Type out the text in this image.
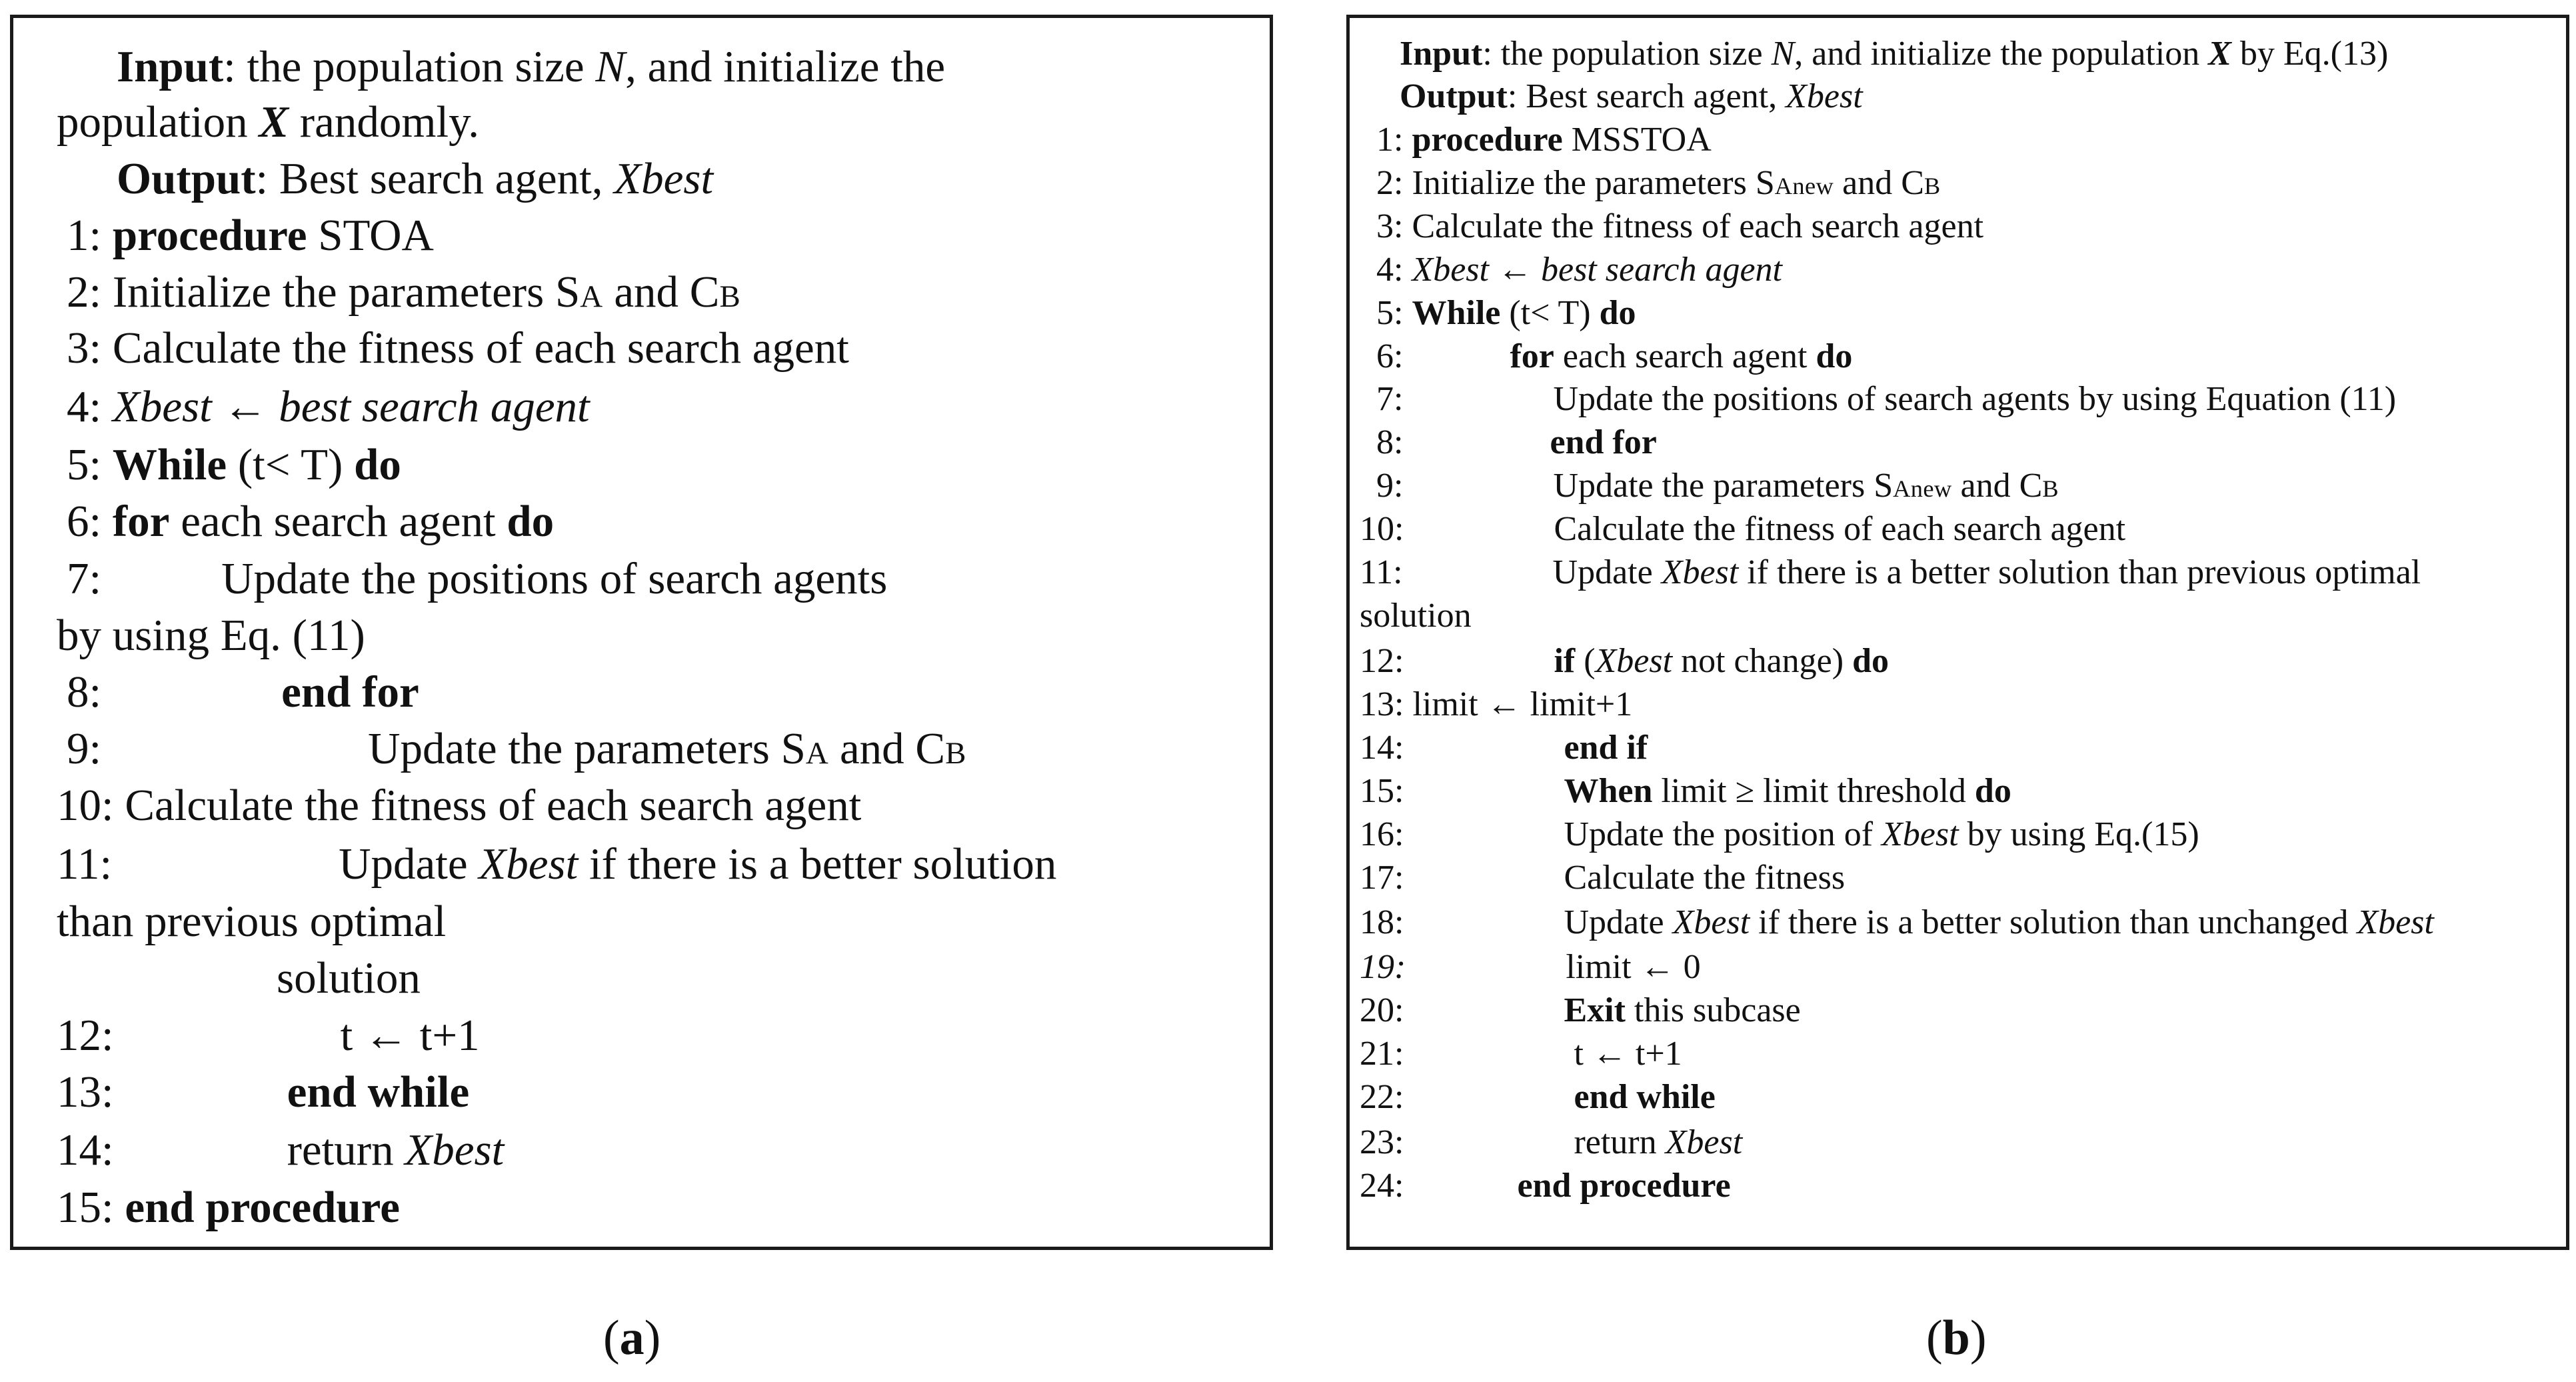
Input: the population size N, and initialize the
population X randomly.
Output: Best search agent, Xbest
1: procedure STOA
2: Initialize the parameters SA and CB
3: Calculate the fitness of each search agent
4: Xbest ← best search agent
5: While (t< T) do
6: for each search agent do
7:	Update the positions of search agents
by using Eq. (11)
8:	end for
9:	Update the parameters SA and CB
10: Calculate the fitness of each search agent
11:	Update Xbest if there is a better solution
than previous optimal
solution
12:	t ← t+1
13:	end while
14:	return Xbest
15: end procedure
Input: the population size N, and initialize the population X by Eq.(13)
Output: Best search agent, Xbest
1: procedure MSSTOA
2: Initialize the parameters SAnew and CB
3: Calculate the fitness of each search agent
4: Xbest ← best search agent
5: While (t< T) do
6:	for each search agent do
7:	Update the positions of search agents by using Equation (11)
8:	end for
9:	Update the parameters SAnew and CB
10:	Calculate the fitness of each search agent
11:	Update Xbest if there is a better solution than previous optimal
solution
12:	if (Xbest not change) do
13: limit ← limit+1
14:	end if
15:	When limit ≥ limit threshold do
16:	Update the position of Xbest by using Eq.(15)
17:	Calculate the fitness
18:	Update Xbest if there is a better solution than unchanged Xbest
19:	limit ← 0
20:	Exit this subcase
21:	t ← t+1
22:	end while
23:	return Xbest
24:	end procedure
(a)	(b)
